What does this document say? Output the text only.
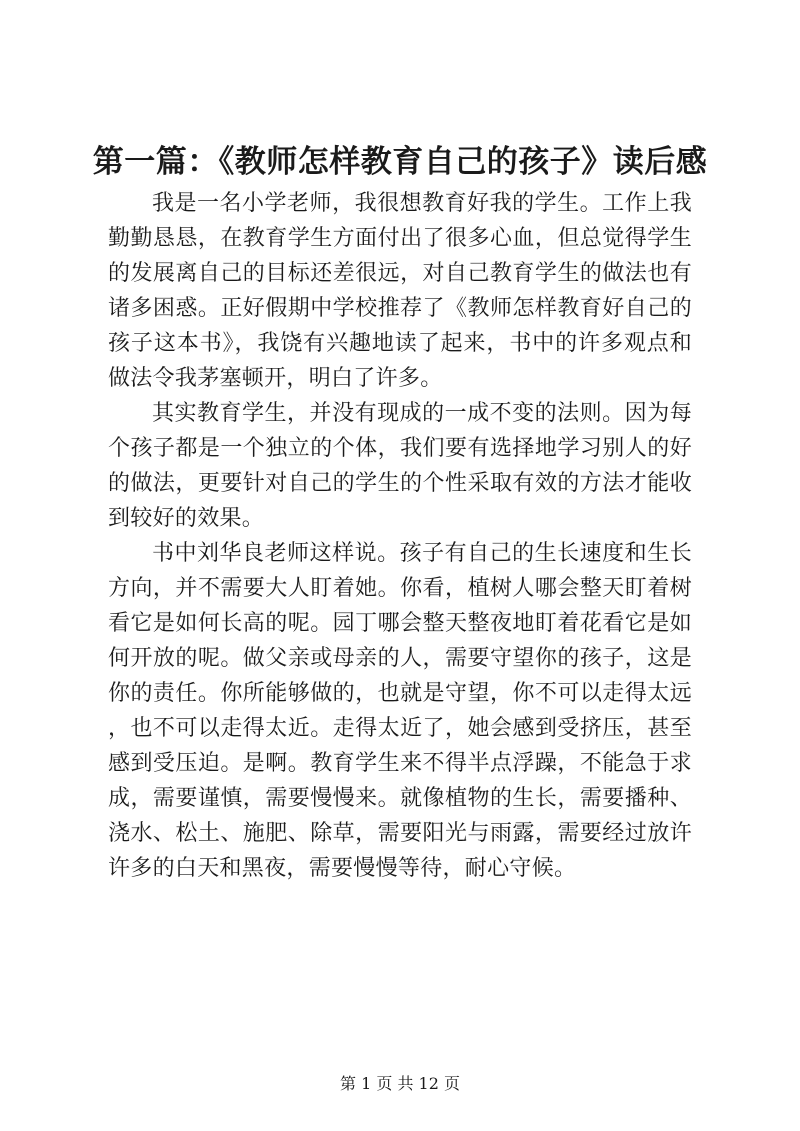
第一篇：《教师怎样教育自己的孩子》读后感

我是一名小学老师，我很想教育好我的学生。工作上我勤勤恳恳，在教育学生方面付出了很多心血，但总觉得学生的发展离自己的目标还差很远，对自己教育学生的做法也有诸多困惑。正好假期中学校推荐了《教师怎样教育好自己的孩子这本书》，我饶有兴趣地读了起来，书中的许多观点和做法令我茅塞顿开，明白了许多。

其实教育学生，并没有现成的一成不变的法则。因为每个孩子都是一个独立的个体，我们要有选择地学习别人的好的做法，更要针对自己的学生的个性采取有效的方法才能收到较好的效果。

书中刘华良老师这样说。孩子有自己的生长速度和生长方向，并不需要大人盯着她。你看，植树人哪会整天盯着树看它是如何长高的呢。园丁哪会整天整夜地盯着花看它是如何开放的呢。做父亲或母亲的人，需要守望你的孩子，这是你的责任。你所能够做的，也就是守望，你不可以走得太远，也不可以走得太近。走得太近了，她会感到受挤压，甚至感到受压迫。是啊。教育学生来不得半点浮躁，不能急于求成，需要谨慎，需要慢慢来。就像植物的生长，需要播种、浇水、松土、施肥、除草，需要阳光与雨露，需要经过放许许多的白天和黑夜，需要慢慢等待，耐心守候。

第 1 页 共 12 页
